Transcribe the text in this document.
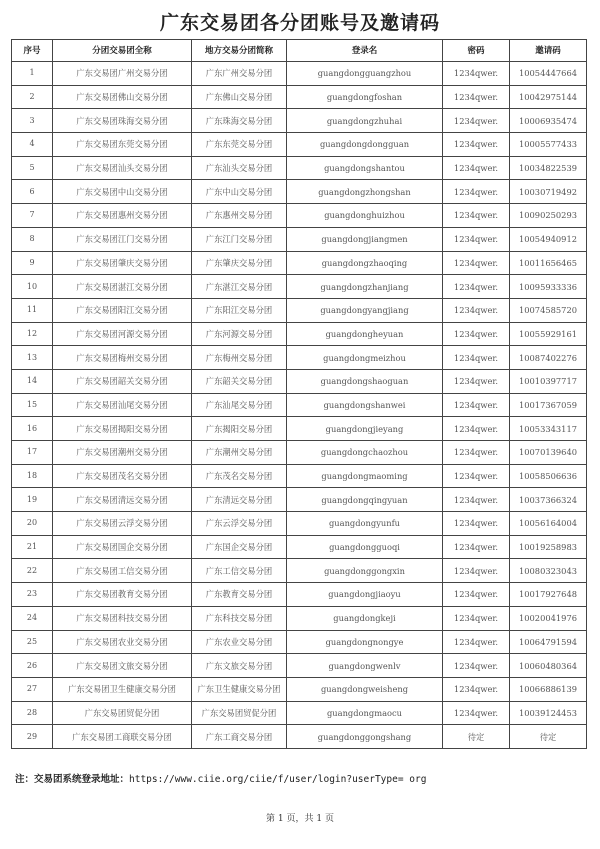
广东交易团各分团账号及邀请码
序号	分团交易团全称	地方交易分团简称	登录名	密码	邀请码
1	广东交易团广州交易分团	广东广州交易分团	guangdongguangzhou	1234qwer.	10054447664
2	广东交易团佛山交易分团	广东佛山交易分团	guangdongfoshan	1234qwer.	10042975144
3	广东交易团珠海交易分团	广东珠海交易分团	guangdongzhuhai	1234qwer.	10006935474
4	广东交易团东莞交易分团	广东东莞交易分团	guangdongdongguan	1234qwer.	10005577433
5	广东交易团汕头交易分团	广东汕头交易分团	guangdongshantou	1234qwer.	10034822539
6	广东交易团中山交易分团	广东中山交易分团	guangdongzhongshan	1234qwer.	10030719492
7	广东交易团惠州交易分团	广东惠州交易分团	guangdonghuizhou	1234qwer.	10090250293
8	广东交易团江门交易分团	广东江门交易分团	guangdongjiangmen	1234qwer.	10054940912
9	广东交易团肇庆交易分团	广东肇庆交易分团	guangdongzhaoqing	1234qwer.	10011656465
10	广东交易团湛江交易分团	广东湛江交易分团	guangdongzhanjiang	1234qwer.	10095933336
11	广东交易团阳江交易分团	广东阳江交易分团	guangdongyangjiang	1234qwer.	10074585720
12	广东交易团河源交易分团	广东河源交易分团	guangdongheyuan	1234qwer.	10055929161
13	广东交易团梅州交易分团	广东梅州交易分团	guangdongmeizhou	1234qwer.	10087402276
14	广东交易团韶关交易分团	广东韶关交易分团	guangdongshaoguan	1234qwer.	10010397717
15	广东交易团汕尾交易分团	广东汕尾交易分团	guangdongshanwei	1234qwer.	10017367059
16	广东交易团揭阳交易分团	广东揭阳交易分团	guangdongjieyang	1234qwer.	10053343117
17	广东交易团潮州交易分团	广东潮州交易分团	guangdongchaozhou	1234qwer.	10070139640
18	广东交易团茂名交易分团	广东茂名交易分团	guangdongmaoming	1234qwer.	10058506636
19	广东交易团清远交易分团	广东清远交易分团	guangdongqingyuan	1234qwer.	10037366324
20	广东交易团云浮交易分团	广东云浮交易分团	guangdongyunfu	1234qwer.	10056164004
21	广东交易团国企交易分团	广东国企交易分团	guangdongguoqi	1234qwer.	10019258983
22	广东交易团工信交易分团	广东工信交易分团	guangdonggongxin	1234qwer.	10080323043
23	广东交易团教育交易分团	广东教育交易分团	guangdongjiaoyu	1234qwer.	10017927648
24	广东交易团科技交易分团	广东科技交易分团	guangdongkeji	1234qwer.	10020041976
25	广东交易团农业交易分团	广东农业交易分团	guangdongnongye	1234qwer.	10064791594
26	广东交易团文旅交易分团	广东文旅交易分团	guangdongwenlv	1234qwer.	10060480364
27	广东交易团卫生健康交易分团	广东卫生健康交易分团	guangdongweisheng	1234qwer.	10066886139
28	广东交易团贸促分团	广东交易团贸促分团	guangdongmaocu	1234qwer.	10039124453
29	广东交易团工商联交易分团	广东工商交易分团	guangdonggongshang	待定	待定
注：交易团系统登录地址：https://www.ciie.org/ciie/f/user/login?userType= org
第 1 页，共 1 页
